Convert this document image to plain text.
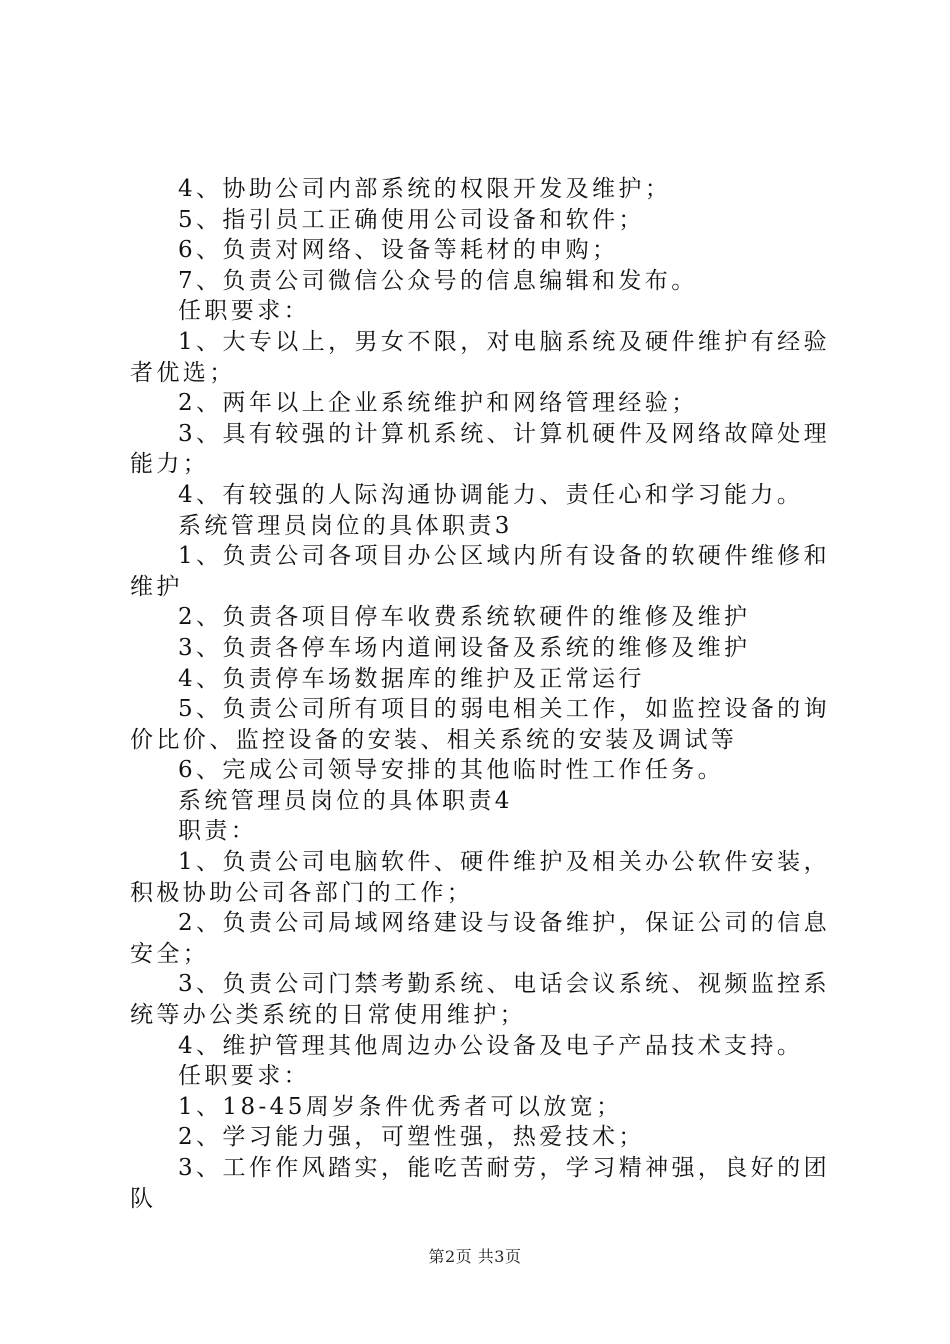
4、协助公司内部系统的权限开发及维护；

5、指引员工正确使用公司设备和软件；

6、负责对网络、设备等耗材的申购；

7、负责公司微信公众号的信息编辑和发布。

任职要求：

1、大专以上，男女不限，对电脑系统及硬件维护有经验者优选；

2、两年以上企业系统维护和网络管理经验；

3、具有较强的计算机系统、计算机硬件及网络故障处理能力；

4、有较强的人际沟通协调能力、责任心和学习能力。

系统管理员岗位的具体职责3

1、负责公司各项目办公区域内所有设备的软硬件维修和维护

2、负责各项目停车收费系统软硬件的维修及维护

3、负责各停车场内道闸设备及系统的维修及维护

4、负责停车场数据库的维护及正常运行

5、负责公司所有项目的弱电相关工作，如监控设备的询价比价、监控设备的安装、相关系统的安装及调试等

6、完成公司领导安排的其他临时性工作任务。

系统管理员岗位的具体职责4

职责：

1、负责公司电脑软件、硬件维护及相关办公软件安装，积极协助公司各部门的工作；

2、负责公司局域网络建设与设备维护，保证公司的信息安全；

3、负责公司门禁考勤系统、电话会议系统、视频监控系统等办公类系统的日常使用维护；

4、维护管理其他周边办公设备及电子产品技术支持。

任职要求：

1、18-45周岁条件优秀者可以放宽；

2、学习能力强，可塑性强，热爱技术；

3、工作作风踏实，能吃苦耐劳，学习精神强，良好的团队

第2页 共3页
